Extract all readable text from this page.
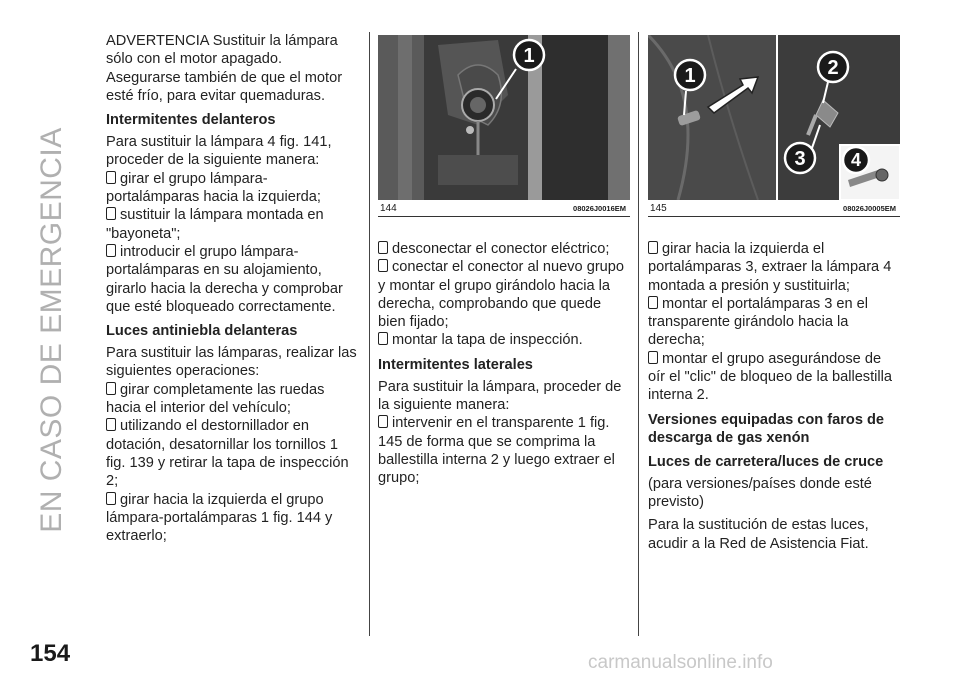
EN CASO DE EMERGENCIA

ADVERTENCIA Sustituir la lámpara sólo con el motor apagado. Asegurarse también de que el motor esté frío, para evitar quemaduras.

Intermitentes delanteros

Para sustituir la lámpara 4 fig. 141, proceder de la siguiente manera:

girar el grupo lámpara-portalámparas hacia la izquierda;

sustituir la lámpara montada en "bayoneta";

introducir el grupo lámpara-portalámparas en su alojamiento, girarlo hacia la derecha y comprobar que esté bloqueado correctamente.

Luces antiniebla delanteras

Para sustituir las lámparas, realizar las siguientes operaciones:

girar completamente las ruedas hacia el interior del vehículo;

utilizando el destornillador en dotación, desatornillar los tornillos 1 fig. 139 y retirar la tapa de inspección 2;

girar hacia la izquierda el grupo lámpara-portalámparas 1 fig. 144 y extraerlo;

1
144	08026J0016EM

desconectar el conector eléctrico;

conectar el conector al nuevo grupo y montar el grupo girándolo hacia la derecha, comprobando que quede bien fijado;

montar la tapa de inspección.

Intermitentes laterales

Para sustituir la lámpara, proceder de la siguiente manera:

intervenir en el transparente 1 fig. 145 de forma que se comprima la ballestilla interna 2 y luego extraer el grupo;

1	2
3	4
145	08026J0005EM

girar hacia la izquierda el portalámparas 3, extraer la lámpara 4 montada a presión y sustituirla;

montar el portalámparas 3 en el transparente girándolo hacia la derecha;

montar el grupo asegurándose de oír el "clic" de bloqueo de la ballestilla interna 2.

Versiones equipadas con faros de descarga de gas xenón
Luces de carretera/luces de cruce

(para versiones/países donde esté previsto)

Para la sustitución de estas luces, acudir a la Red de Asistencia Fiat.

154	carmanualsonline.info
